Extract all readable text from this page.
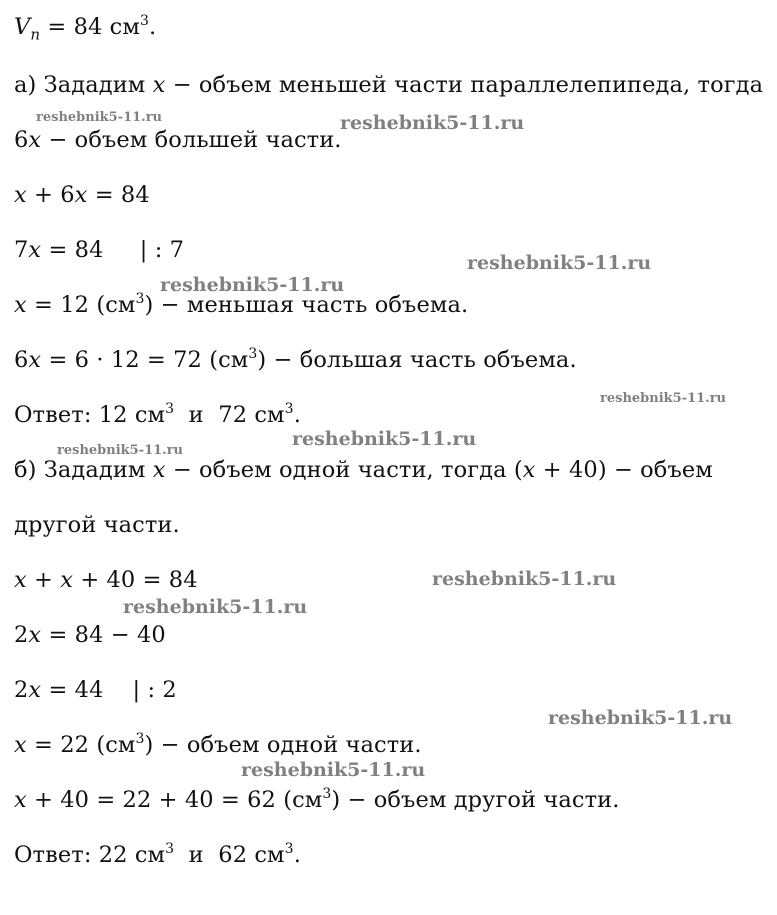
$V_n = 84$ $см^3$.
а) Зададим x − объем меньшей части параллелепипеда, тогда
6x − объем большей части.
x + 6x = 84
7x = 84     | : 7
x = 12 $(см^3)$ − меньшая часть объема.
6x = 6 · 12 = 72 $(см^3)$ − большая часть объема.
Ответ: 12 $см^3$  и  72 $см^3$.
б) Зададим x − объем одной части, тогда (x + 40) − объем
другой части.
x + x + 40 = 84
2x = 84 − 40
2x = 44    | : 2
x = 22 $(см^3)$ − объем одной части.
x + 40 = 22 + 40 = 62 $(см^3)$ − объем другой части.
Ответ: 22 $см^3$  и  62 $см^3$.
reshebnik5-11.ru	reshebnik5-11.ru
reshebnik5-11.ru
reshebnik5-11.ru
reshebnik5-11.ru
reshebnik5-11.ru
reshebnik5-11.ru
reshebnik5-11.ru
reshebnik5-11.ru
reshebnik5-11.ru
reshebnik5-11.ru
